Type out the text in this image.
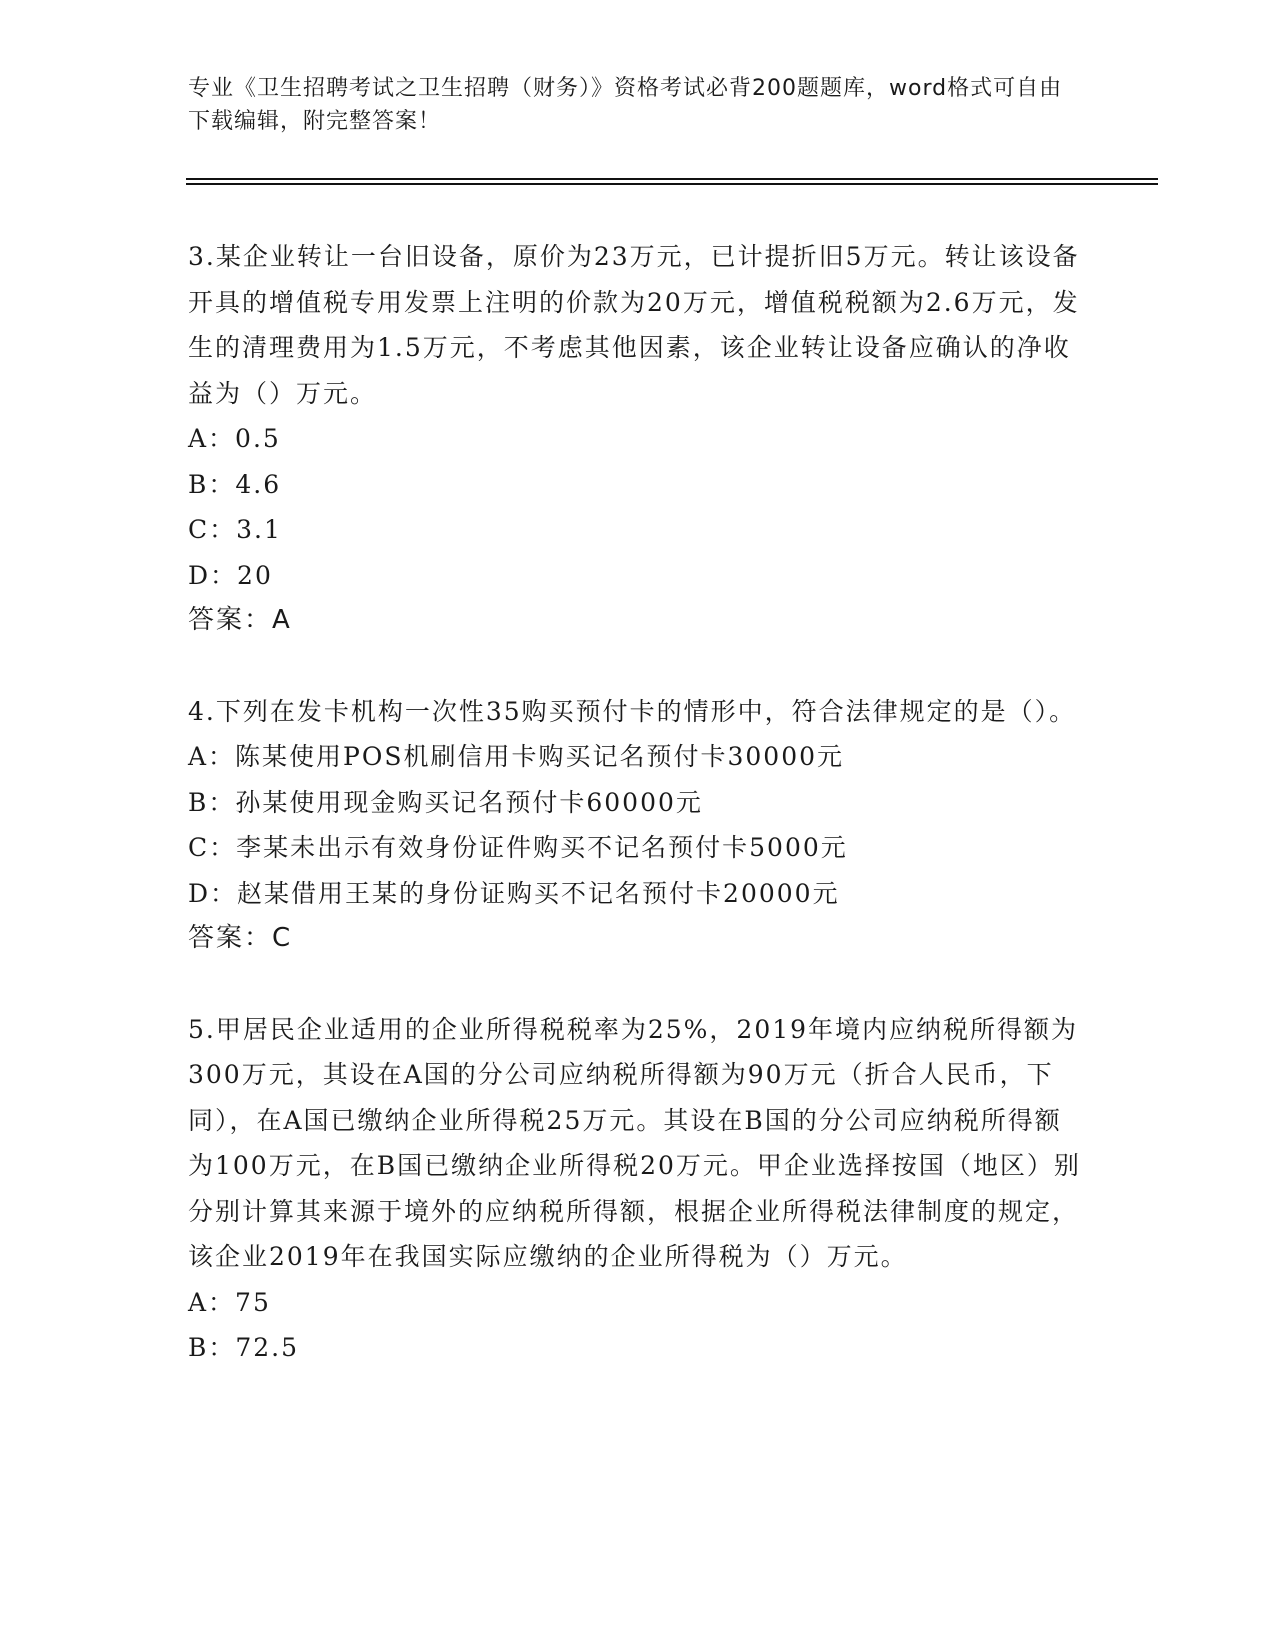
专业《卫生招聘考试之卫生招聘（财务）》资格考试必背200题题库，word格式可自由下载编辑，附完整答案！

3.某企业转让一台旧设备，原价为23万元，已计提折旧5万元。转让该设备开具的增值税专用发票上注明的价款为20万元，增值税税额为2.6万元，发生的清理费用为1.5万元，不考虑其他因素，该企业转让设备应确认的净收益为（）万元。

A：0.5

B：4.6

C：3.1

D：20

答案：A

4.下列在发卡机构一次性35购买预付卡的情形中，符合法律规定的是（）。

A：陈某使用POS机刷信用卡购买记名预付卡30000元

B：孙某使用现金购买记名预付卡60000元

C：李某未出示有效身份证件购买不记名预付卡5000元

D：赵某借用王某的身份证购买不记名预付卡20000元

答案：C

5.甲居民企业适用的企业所得税税率为25%，2019年境内应纳税所得额为300万元，其设在A国的分公司应纳税所得额为90万元（折合人民币，下同），在A国已缴纳企业所得税25万元。其设在B国的分公司应纳税所得额为100万元，在B国已缴纳企业所得税20万元。甲企业选择按国（地区）别分别计算其来源于境外的应纳税所得额，根据企业所得税法律制度的规定，该企业2019年在我国实际应缴纳的企业所得税为（）万元。

A：75

B：72.5
